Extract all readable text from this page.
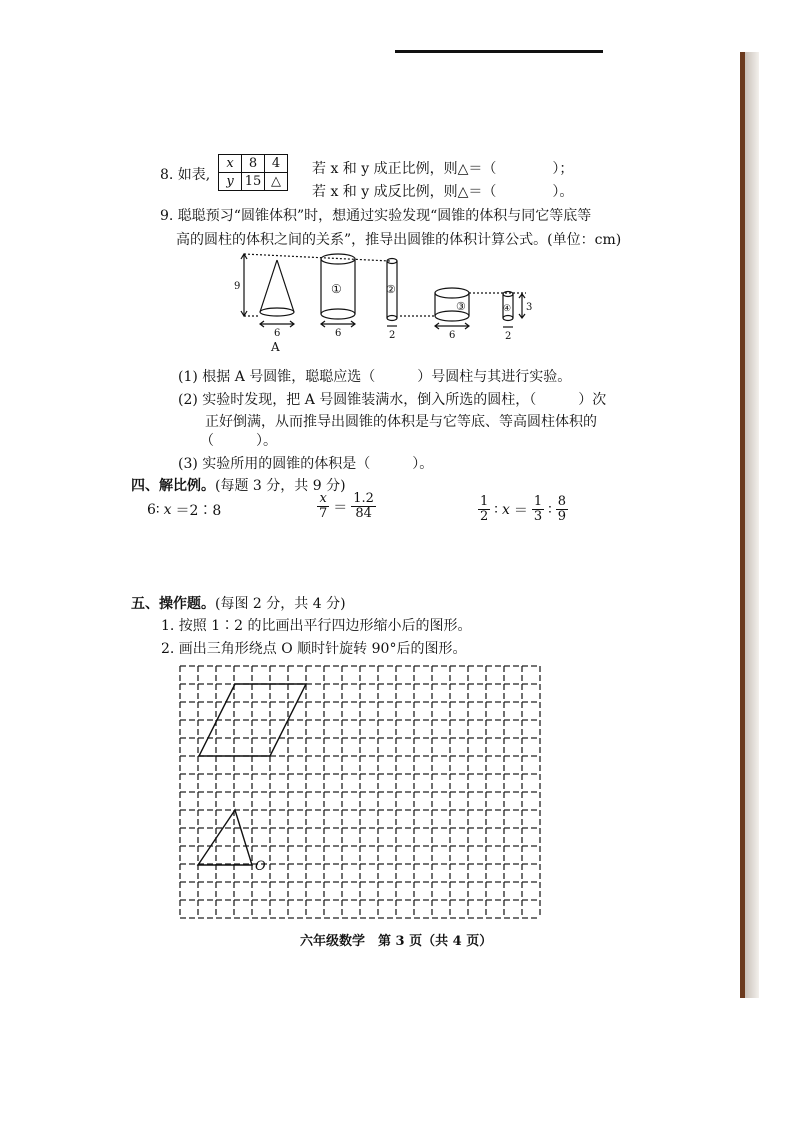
8. 如表,
x	8	4
y	15	△
若 x 和 y 成正比例，则△＝（　　　　）；
若 x 和 y 成反比例，则△＝（　　　　）。
9. 聪聪预习“圆锥体积”时，想通过实验发现“圆锥的体积与同它等底等
高的圆柱的体积之间的关系”，推导出圆锥的体积计算公式。(单位：cm)
9
6
A
①
6
②
2
③
6
④
2
3
(1) 根据 A 号圆锥，聪聪应选（　　　）号圆柱与其进行实验。
(2) 实验时发现，把 A 号圆锥装满水，倒入所选的圆柱，（　　　）次
正好倒满，从而推导出圆锥的体积是与它等底、等高圆柱体积的
（　　　）。
(3) 实验所用的圆锥的体积是（　　　）。
四、解比例。(每题 3 分，共 9 分)
6∶ x ＝2∶8	$\frac{x}{7} = \frac{1.2}{84}$	$\frac{1}{2}$ ∶ $x = \frac{1}{3}$ ∶ $\frac{8}{9}$
五、操作题。(每图 2 分，共 4 分)
1. 按照 1∶2 的比画出平行四边形缩小后的图形。
2. 画出三角形绕点 O 顺时针旋转 90°后的图形。
O
六年级数学　第 3 页（共 4 页）
